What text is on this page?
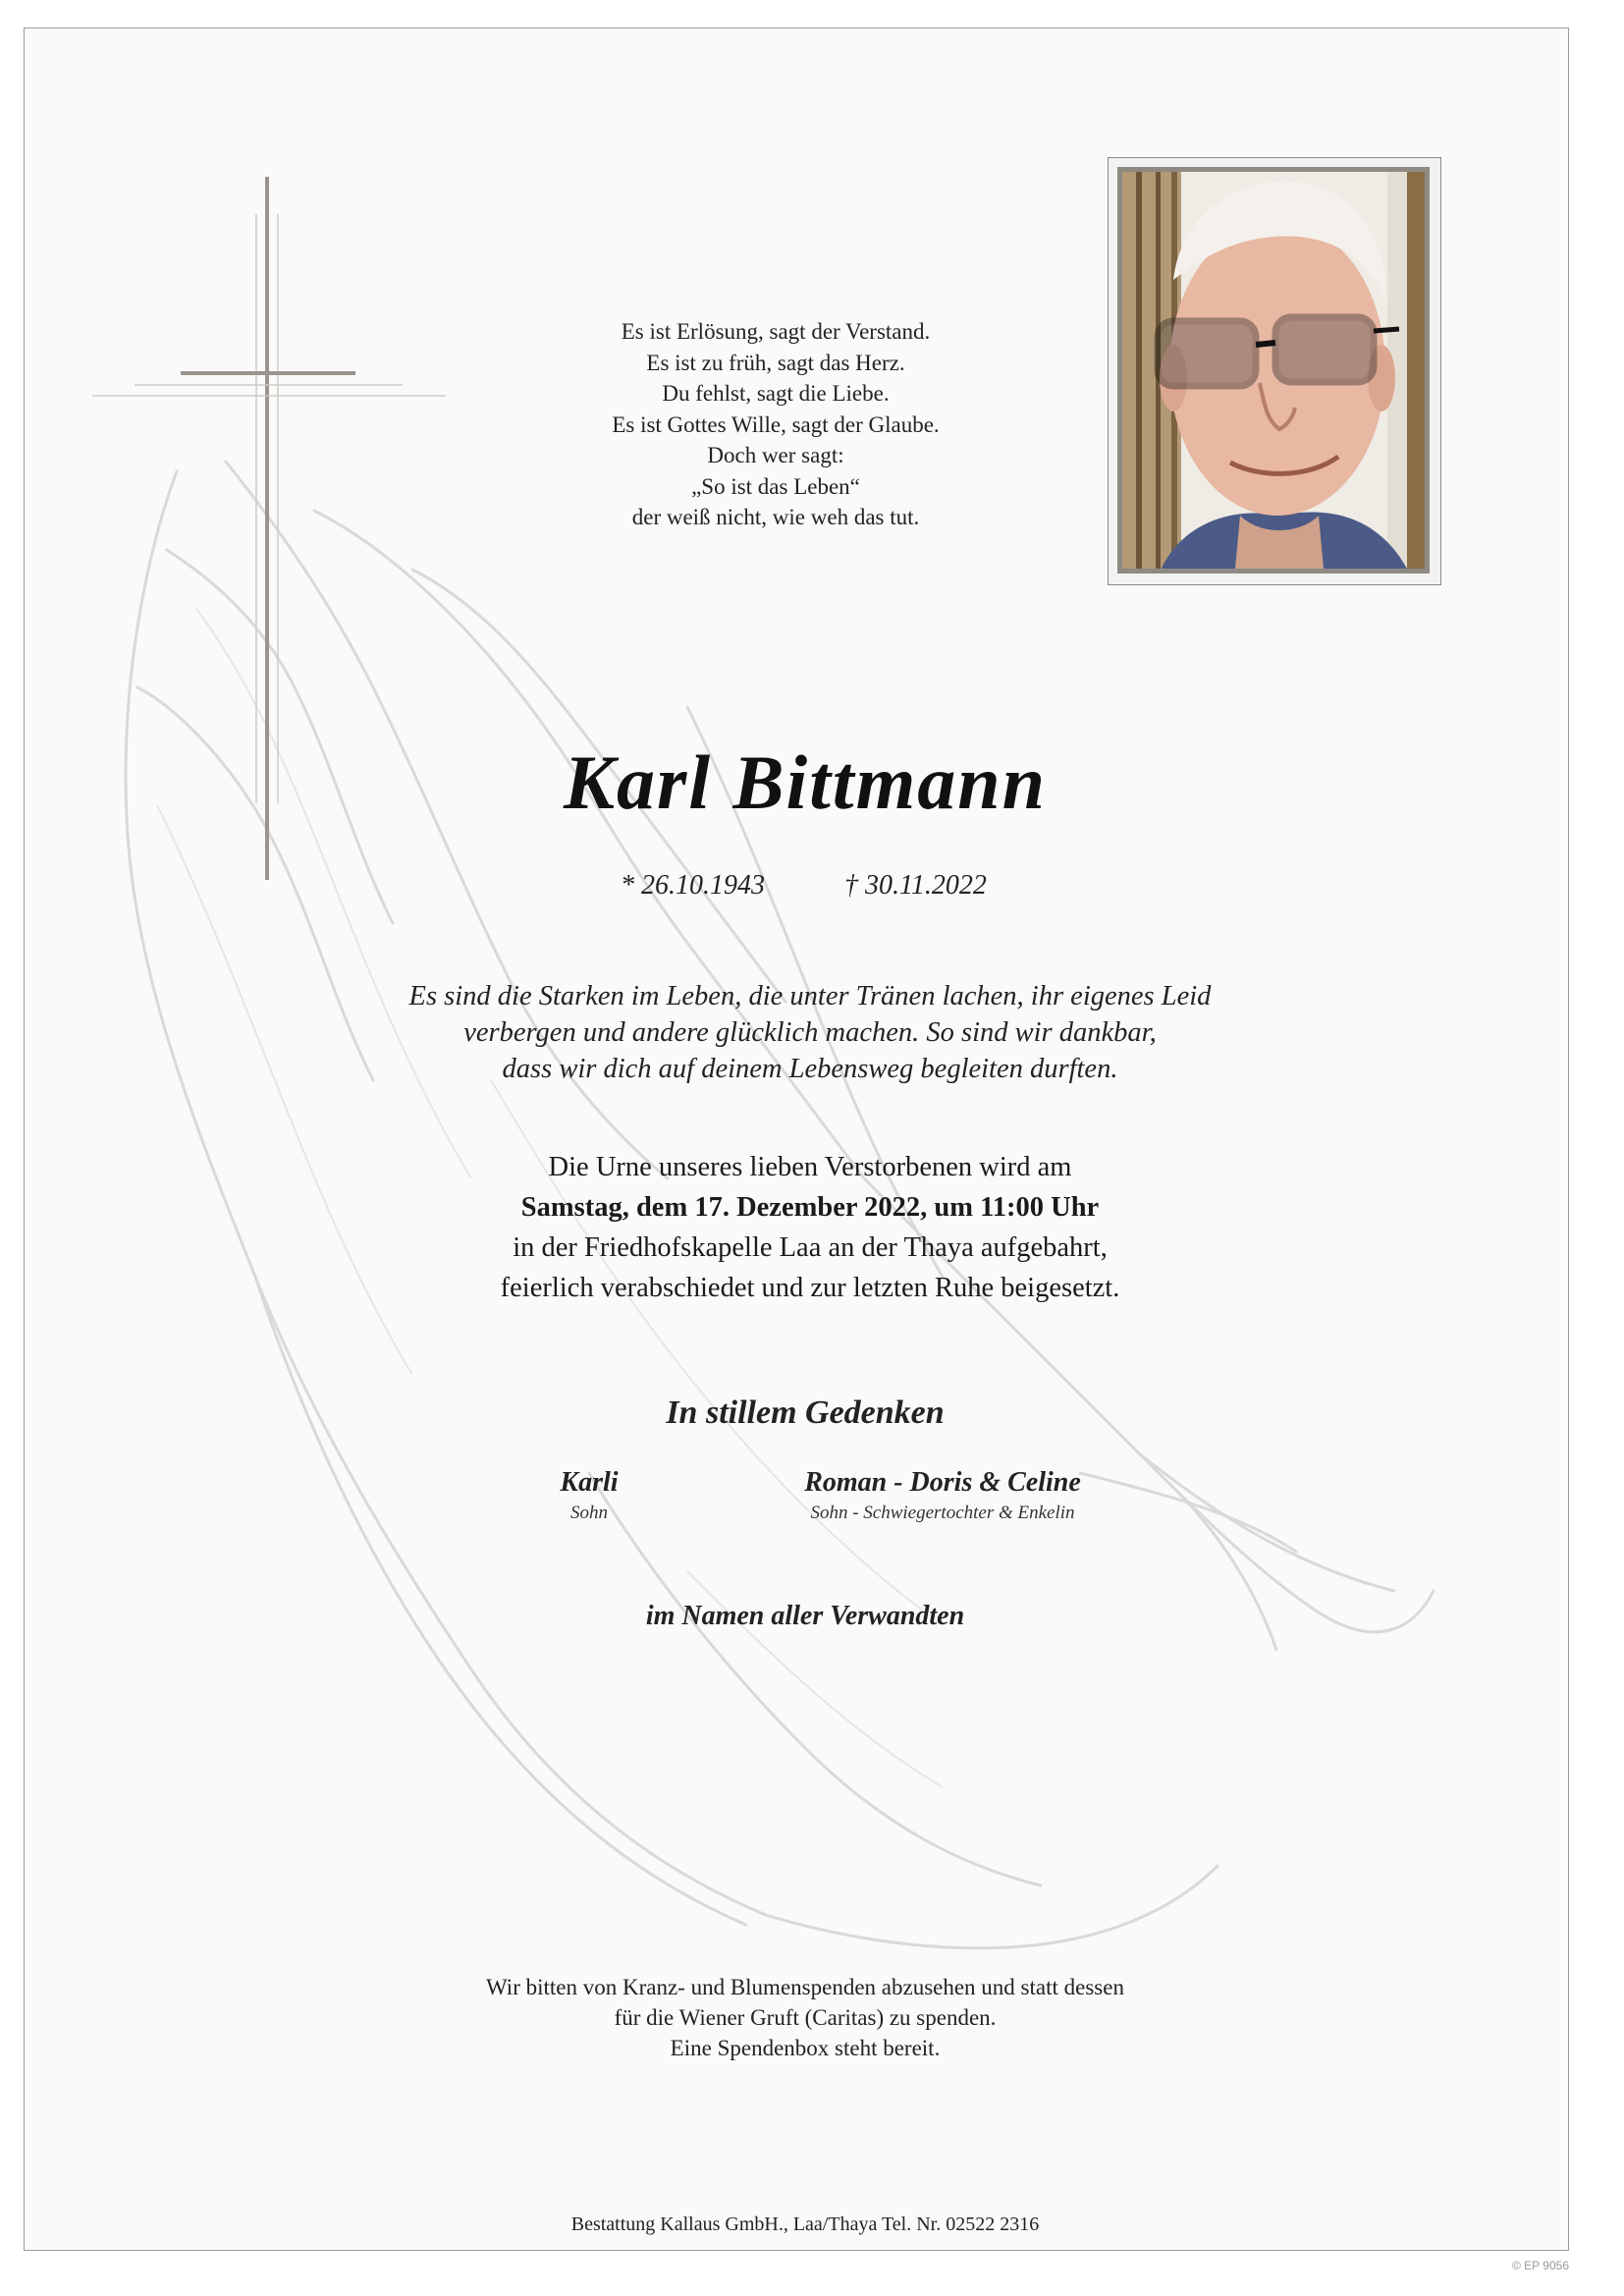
Es ist Erlösung, sagt der Verstand.
Es ist zu früh, sagt das Herz.
Du fehlst, sagt die Liebe.
Es ist Gottes Wille, sagt der Glaube.
Doch wer sagt:
„So ist das Leben“
der weiß nicht, wie weh das tut.
Karl Bittmann
* 26.10.1943	† 30.11.2022
Es sind die Starken im Leben, die unter Tränen lachen, ihr eigenes Leid
verbergen und andere glücklich machen. So sind wir dankbar,
dass wir dich auf deinem Lebensweg begleiten durften.
Die Urne unseres lieben Verstorbenen wird am
Samstag, dem 17. Dezember 2022, um 11:00 Uhr
in der Friedhofskapelle Laa an der Thaya aufgebahrt,
feierlich verabschiedet und zur letzten Ruhe beigesetzt.
In stillem Gedenken
Karli
Sohn
Roman - Doris & Celine
Sohn - Schwiegertochter & Enkelin
im Namen aller Verwandten
Wir bitten von Kranz- und Blumenspenden abzusehen und statt dessen
für die Wiener Gruft (Caritas) zu spenden.
Eine Spendenbox steht bereit.
Bestattung Kallaus GmbH., Laa/Thaya Tel. Nr. 02522 2316
© EP 9056
